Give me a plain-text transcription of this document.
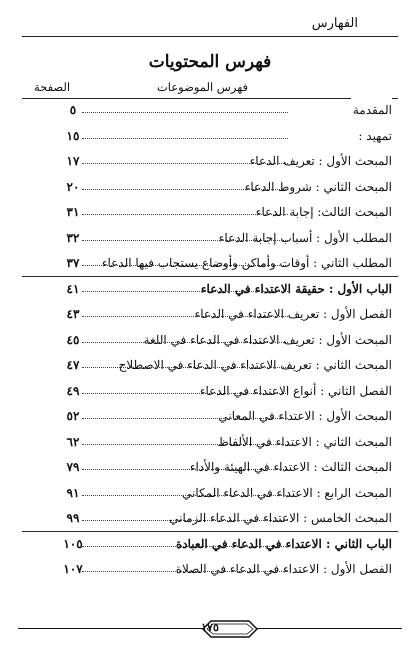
الفهارس
فهرس المحتويات
فهرس الموضوعات
الصفحة
المقدمة
٥
تمهيد :
١٥
المبحث الأول : تعريف الدعاء
١٧
المبحث الثاني : شروط الدعاء
٢٠
المبحث الثالث: إجابة الدعاء
٣١
المطلب الأول : أسباب إجابة الدعاء
٣٢
المطلب الثاني : أوقات وأماكن وأوضاع يستجاب فيها الدعاء
٣٧
الباب الأول : حقيقة الاعتداء في الدعاء
٤١
الفصل الأول : تعريف الاعتداء في الدعاء
٤٣
المبحث الأول : تعريف الاعتداء في الدعاء في اللغة
٤٥
المبحث الثاني : تعريف الاعتداء في الدعاء في الاصطلاح
٤٧
الفصل الثاني : أنواع الاعتداء في الدعاء
٤٩
المبحث الأول : الاعتداء في المعاني
٥٢
المبحث الثاني : الاعتداء في الألفاظ
٦٢
المبحث الثالث : الاعتداء في الهيئة والأداء
٧٩
المبحث الرابع : الاعتداء في الدعاء المكاني
٩١
المبحث الخامس : الاعتداء في الدعاء الزماني
٩٩
الباب الثاني : الاعتداء في الدعاء في العبادة
١٠٥
الفصل الأول : الاعتداء في الدعاء في الصلاة
١٠٧
١٧٥
